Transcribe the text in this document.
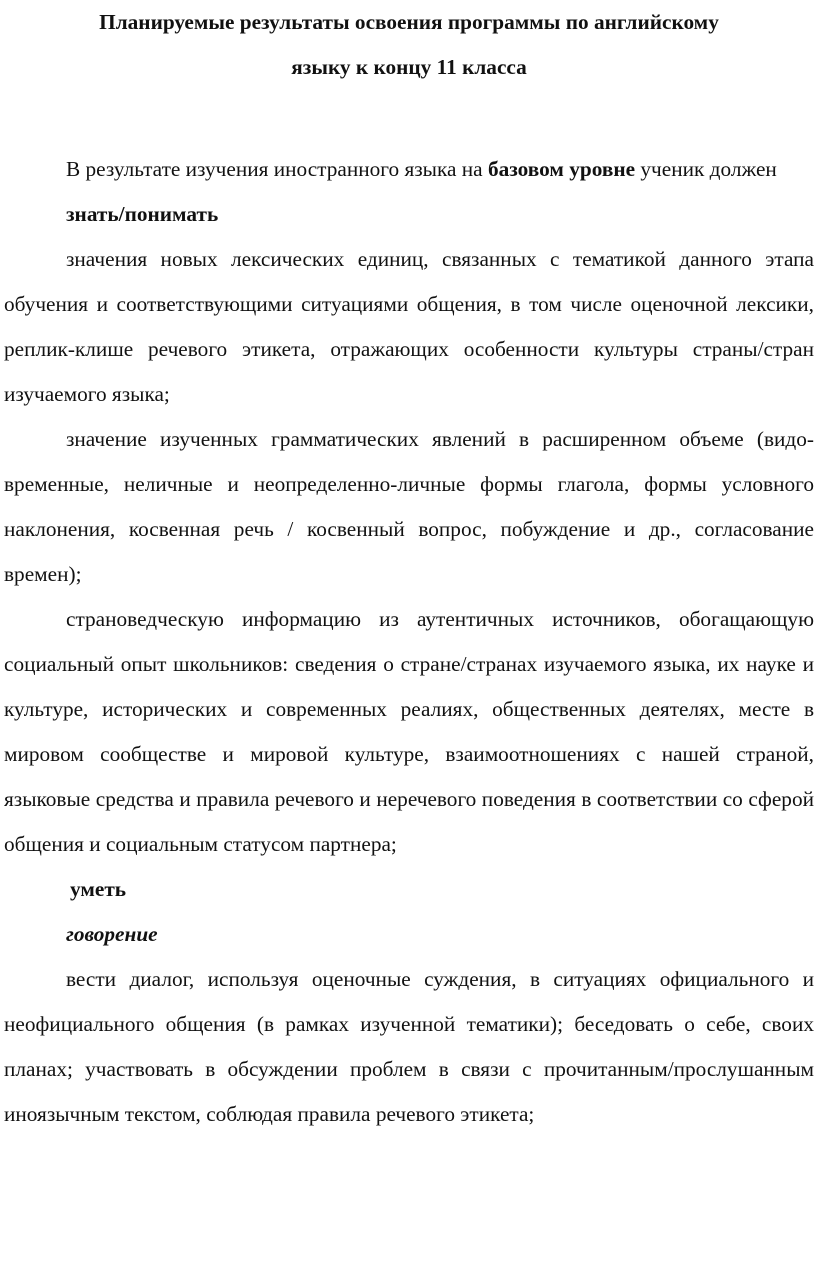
Планируемые результаты освоения программы по английскому
языку к концу 11 класса

В результате изучения иностранного языка на базовом уровне ученик должен

знать/понимать

значения новых лексических единиц, связанных с тематикой данного этапа обучения и соответствующими ситуациями общения, в том числе оценочной лексики, реплик-клише речевого этикета, отражающих особенности культуры страны/стран изучаемого языка;

значение изученных грамматических явлений в расширенном объеме (видо-временные, неличные и неопределенно-личные формы глагола, формы условного наклонения, косвенная речь / косвенный вопрос, побуждение и др., согласование времен);

страноведческую информацию из аутентичных источников, обогащающую социальный опыт школьников: сведения о стране/странах изучаемого языка, их науке и культуре, исторических и современных реалиях, общественных деятелях, месте в мировом сообществе и мировой культуре, взаимоотношениях с нашей страной, языковые средства и правила речевого и неречевого поведения в соответствии со сферой общения и социальным статусом партнера;

уметь

говорение

вести диалог, используя оценочные суждения, в ситуациях официального и неофициального общения (в рамках изученной тематики); беседовать о себе, своих планах; участвовать в обсуждении проблем в связи с прочитанным/прослушанным иноязычным текстом, соблюдая правила речевого этикета;
